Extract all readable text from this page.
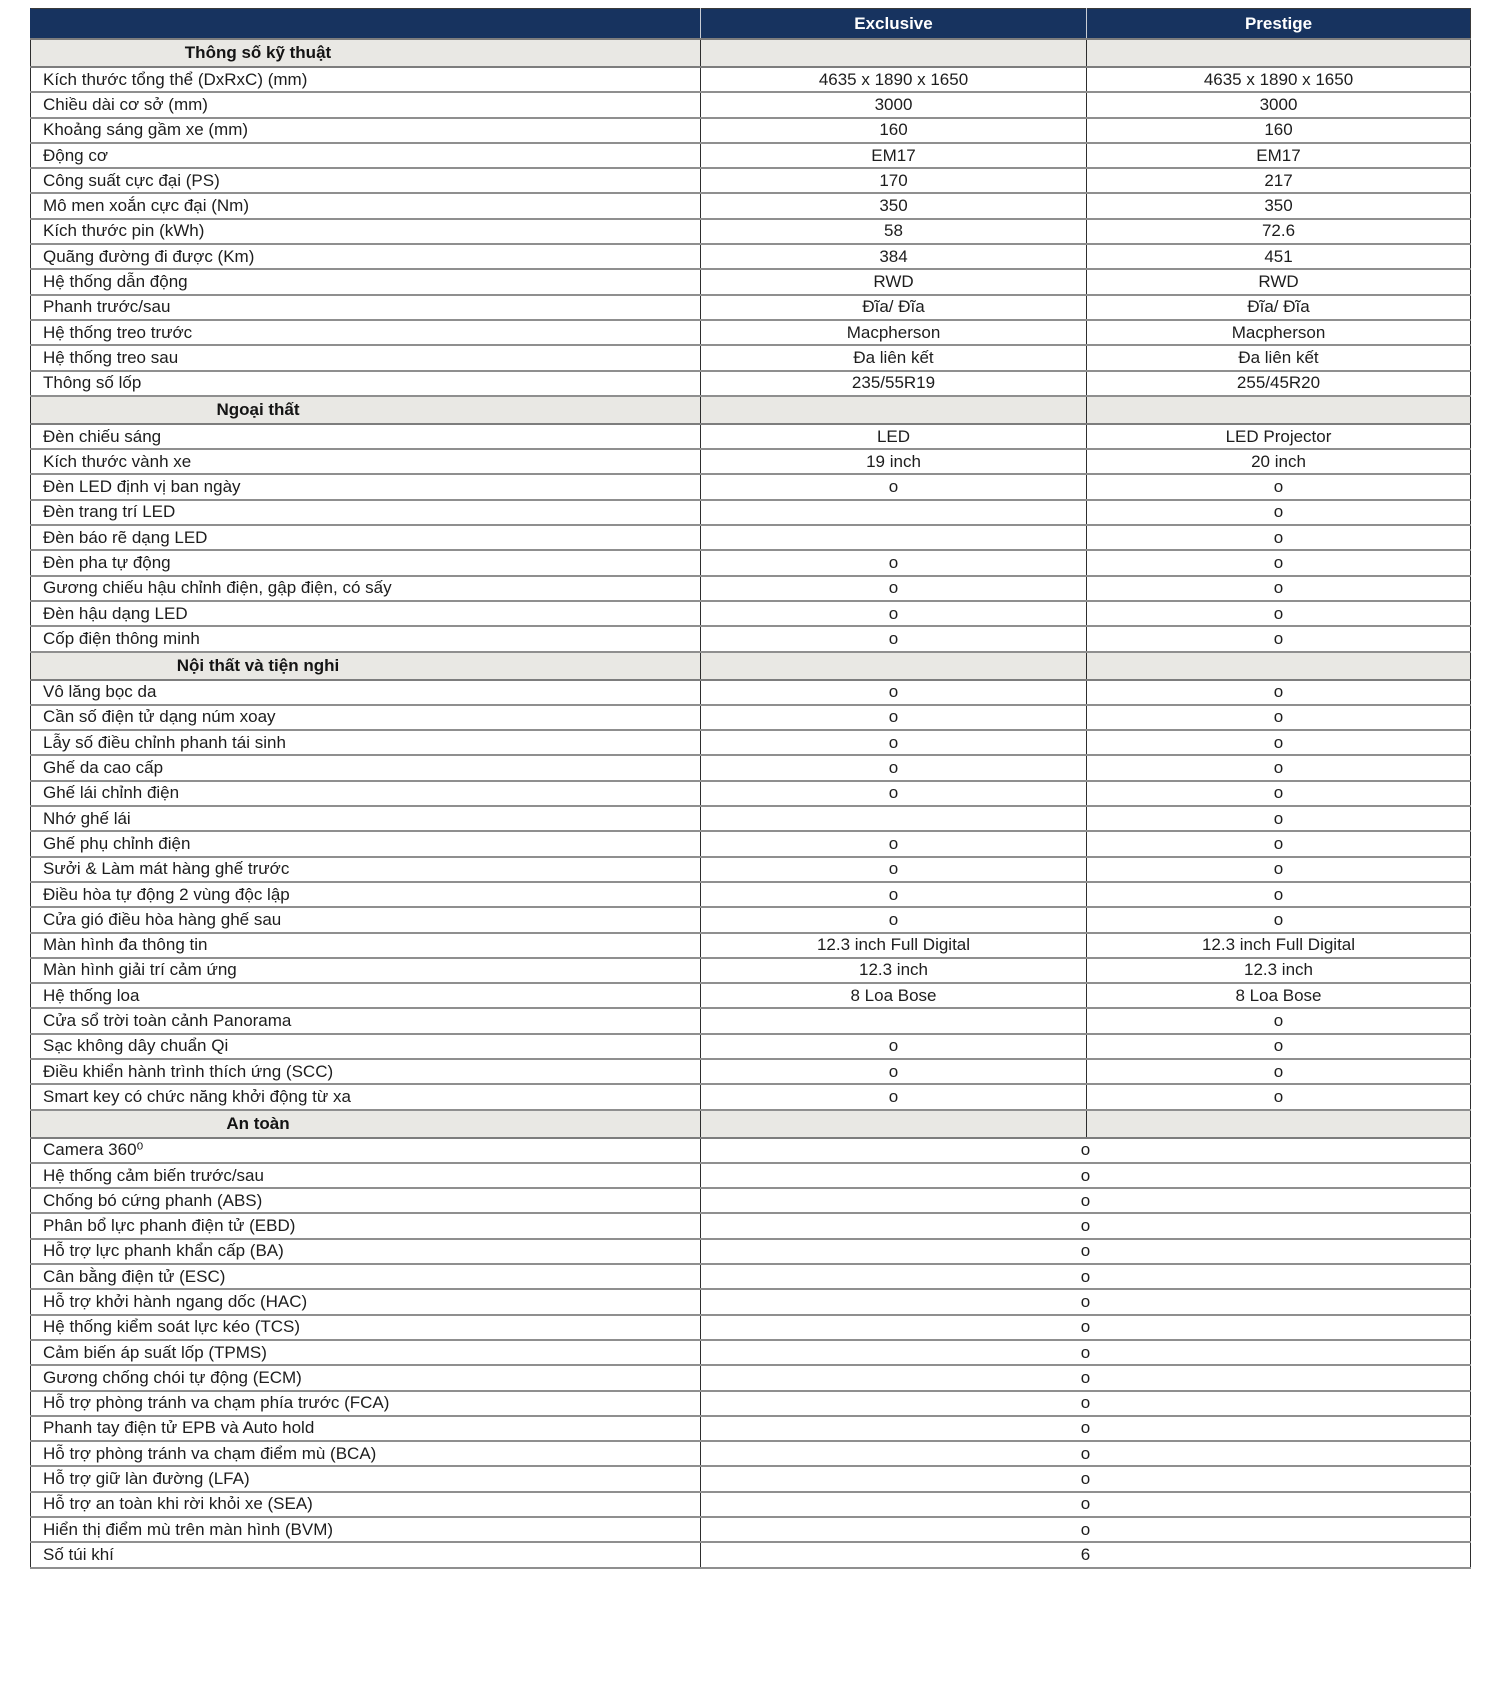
	Exclusive	Prestige
Thông số kỹ thuật		
Kích thước tổng thể (DxRxC) (mm)	4635 x 1890 x 1650	4635 x 1890 x 1650
Chiều dài cơ sở (mm)	3000	3000
Khoảng sáng gầm xe (mm)	160	160
Động cơ	EM17	EM17
Công suất cực đại (PS)	170	217
Mô men xoắn cực đại (Nm)	350	350
Kích thước pin (kWh)	58	72.6
Quãng đường đi được (Km)	384	451
Hệ thống dẫn động	RWD	RWD
Phanh trước/sau	Đĩa/ Đĩa	Đĩa/ Đĩa
Hệ thống treo trước	Macpherson	Macpherson
Hệ thống treo sau	Đa liên kết	Đa liên kết
Thông số lốp	235/55R19	255/45R20
Ngoại thất		
Đèn chiếu sáng	LED	LED Projector
Kích thước vành xe	19 inch	20 inch
Đèn LED định vị ban ngày	o	o
Đèn trang trí LED		o
Đèn báo rẽ dạng LED		o
Đèn pha tự động	o	o
Gương chiếu hậu chỉnh điện, gập điện, có sấy	o	o
Đèn hậu dạng LED	o	o
Cốp điện thông minh	o	o
Nội thất và tiện nghi		
Vô lăng bọc da	o	o
Cần số điện tử dạng núm xoay	o	o
Lẫy số điều chỉnh phanh tái sinh	o	o
Ghế da cao cấp	o	o
Ghế lái chỉnh điện	o	o
Nhớ ghế lái		o
Ghế phụ chỉnh điện	o	o
Sưởi & Làm mát hàng ghế trước	o	o
Điều hòa tự động 2 vùng độc lập	o	o
Cửa gió điều hòa hàng ghế sau	o	o
Màn hình đa thông tin	12.3 inch Full Digital	12.3 inch Full Digital
Màn hình giải trí cảm ứng	12.3 inch	12.3 inch
Hệ thống loa	8 Loa Bose	8 Loa Bose
Cửa sổ trời toàn cảnh Panorama		o
Sạc không dây chuẩn Qi	o	o
Điều khiển hành trình thích ứng (SCC)	o	o
Smart key có chức năng khởi động từ xa	o	o
An toàn		
Camera 360⁰	o	
Hệ thống cảm biến trước/sau	o	
Chống bó cứng phanh (ABS)	o	
Phân bổ lực phanh điện tử (EBD)	o	
Hỗ trợ lực phanh khẩn cấp (BA)	o	
Cân bằng điện tử (ESC)	o	
Hỗ trợ khởi hành ngang dốc (HAC)	o	
Hệ thống kiểm soát lực kéo (TCS)	o	
Cảm biến áp suất lốp (TPMS)	o	
Gương chống chói tự động (ECM)	o	
Hỗ trợ phòng tránh va chạm phía trước (FCA)	o	
Phanh tay điện tử EPB và Auto hold	o	
Hỗ trợ phòng tránh va chạm điểm mù (BCA)	o	
Hỗ trợ giữ làn đường (LFA)	o	
Hỗ trợ an toàn khi rời khỏi xe (SEA)	o	
Hiển thị điểm mù trên màn hình (BVM)	o	
Số túi khí	6	
